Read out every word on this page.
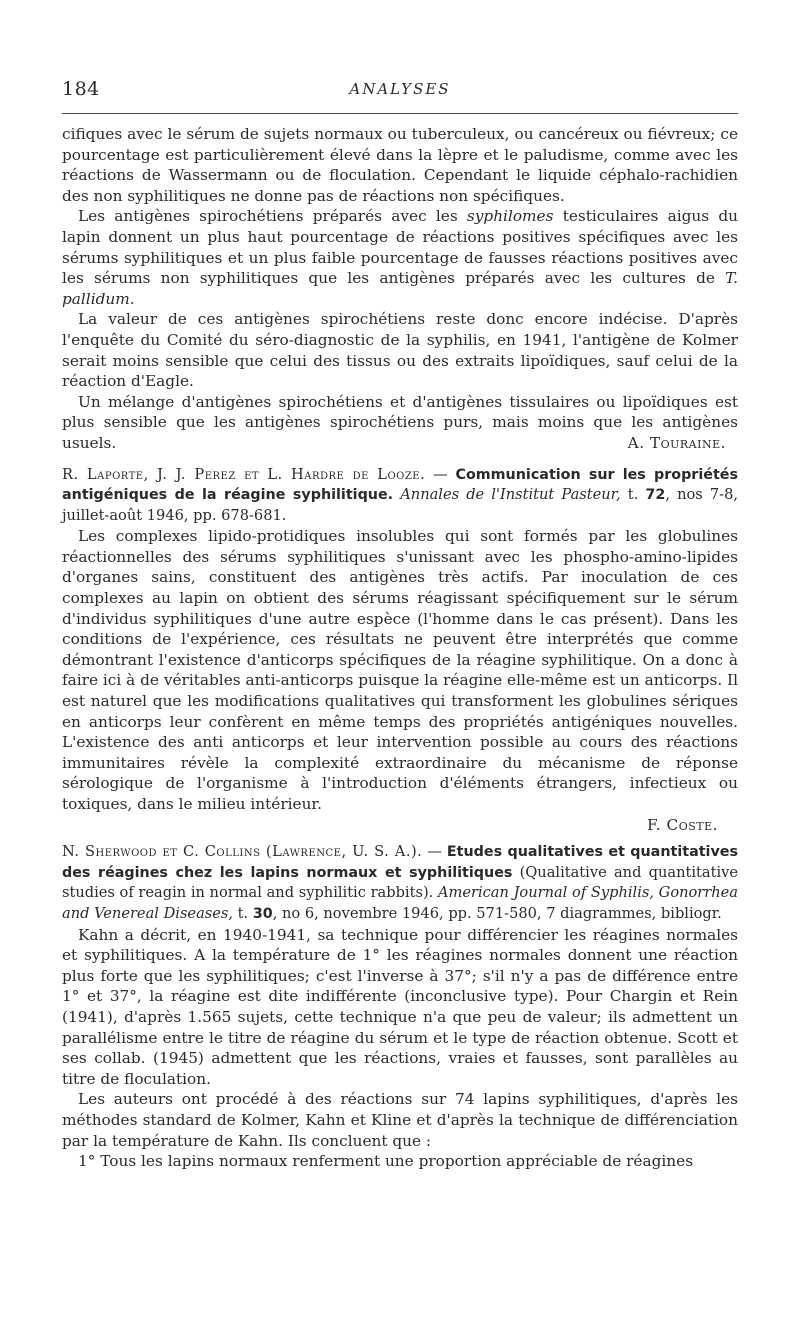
184	ANALYSES

cifiques avec le sérum de sujets normaux ou tuberculeux, ou cancéreux ou fiévreux; ce pourcentage est particulièrement élevé dans la lèpre et le paludisme, comme avec les réactions de Wassermann ou de floculation. Cependant le liquide céphalo-rachidien des non syphilitiques ne donne pas de réactions non spécifiques.

Les antigènes spirochétiens préparés avec les syphilomes testiculaires aigus du lapin donnent un plus haut pourcentage de réactions positives spécifiques avec les sérums syphilitiques et un plus faible pourcentage de fausses réactions positives avec les sérums non syphilitiques que les antigènes préparés avec les cultures de T. pallidum.

La valeur de ces antigènes spirochétiens reste donc encore indécise. D'après l'enquête du Comité du séro-diagnostic de la syphilis, en 1941, l'antigène de Kolmer serait moins sensible que celui des tissus ou des extraits lipoïdiques, sauf celui de la réaction d'Eagle.

Un mélange d'antigènes spirochétiens et d'antigènes tissulaires ou lipoïdiques est plus sensible que les antigènes spirochétiens purs, mais moins que les antigènes usuels.	A. Touraine.

R. Laporte, J. J. Perez et L. Hardre de Looze. — Communication sur les propriétés antigéniques de la réagine syphilitique. Annales de l'Institut Pasteur, t. 72, nos 7-8, juillet-août 1946, pp. 678-681.

Les complexes lipido-protidiques insolubles qui sont formés par les globulines réactionnelles des sérums syphilitiques s'unissant avec les phospho-amino-lipides d'organes sains, constituent des antigènes très actifs. Par inoculation de ces complexes au lapin on obtient des sérums réagissant spécifiquement sur le sérum d'individus syphilitiques d'une autre espèce (l'homme dans le cas présent). Dans les conditions de l'expérience, ces résultats ne peuvent être interprétés que comme démontrant l'existence d'anticorps spécifiques de la réagine syphilitique. On a donc à faire ici à de véritables anti-anticorps puisque la réagine elle-même est un anticorps. Il est naturel que les modifications qualitatives qui transforment les globulines sériques en anticorps leur confèrent en même temps des propriétés antigéniques nouvelles. L'existence des anti anticorps et leur intervention possible au cours des réactions immunitaires révèle la complexité extraordinaire du mécanisme de réponse sérologique de l'organisme à l'introduction d'éléments étrangers, infectieux ou toxiques, dans le milieu intérieur.

F. Coste.

N. Sherwood et C. Collins (Lawrence, U. S. A.). — Etudes qualitatives et quantitatives des réagines chez les lapins normaux et syphilitiques (Qualitative and quantitative studies of reagin in normal and syphilitic rabbits). American Journal of Syphilis, Gonorrhea and Venereal Diseases, t. 30, no 6, novembre 1946, pp. 571-580, 7 diagrammes, bibliogr.

Kahn a décrit, en 1940-1941, sa technique pour différencier les réagines normales et syphilitiques. A la température de 1° les réagines normales donnent une réaction plus forte que les syphilitiques; c'est l'inverse à 37°; s'il n'y a pas de différence entre 1° et 37°, la réagine est dite indifférente (inconclusive type). Pour Chargin et Rein (1941), d'après 1.565 sujets, cette technique n'a que peu de valeur; ils admettent un parallélisme entre le titre de réagine du sérum et le type de réaction obtenue. Scott et ses collab. (1945) admettent que les réactions, vraies et fausses, sont parallèles au titre de floculation.

Les auteurs ont procédé à des réactions sur 74 lapins syphilitiques, d'après les méthodes standard de Kolmer, Kahn et Kline et d'après la technique de différenciation par la température de Kahn. Ils concluent que :

1° Tous les lapins normaux renferment une proportion appréciable de réagines
